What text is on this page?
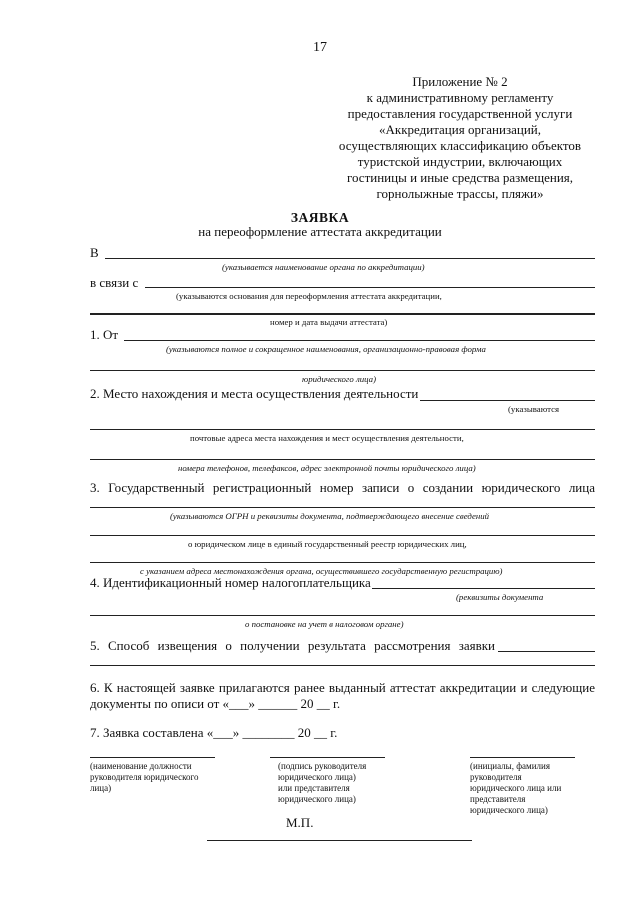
17
Приложение № 2
к административному регламенту
предоставления государственной услуги
«Аккредитация организаций,
осуществляющих классификацию объектов
туристской индустрии, включающих
гостиницы и иные средства размещения,
горнолыжные трассы, пляжи»
ЗАЯВКА
на переоформление аттестата аккредитации
В
(указывается наименование органа по аккредитации)
в связи с
(указываются основания для переоформления аттестата аккредитации,
номер и дата выдачи аттестата)
1. От
(указываются полное и сокращенное наименования, организационно-правовая форма
юридического лица)
2. Место нахождения и места осуществления деятельности
(указываются
почтовые адреса места нахождения и мест осуществления деятельности,
номера телефонов, телефаксов, адрес электронной почты юридического лица)
3. Государственный регистрационный номер записи о создании юридического лица
(указываются ОГРН и реквизиты документа, подтверждающего внесение сведений
о юридическом лице в единый государственный реестр юридических лиц,
с указанием адреса местонахождения органа, осуществившего государственную регистрацию)
4. Идентификационный номер налогоплательщика
(реквизиты документа
о постановке на учет в налоговом органе)
5. Способ извещения о получении результата рассмотрения заявки
6. К настоящей заявке прилагаются ранее выданный аттестат аккредитации и следующие
документы по описи от «___» ______ 20 __ г.
7. Заявка составлена «___» ________ 20 __ г.
(наименование должности
руководителя юридического
лица)
(подпись руководителя
юридического лица)
или представителя
юридического лица)
(инициалы, фамилия
руководителя
юридического лица или
представителя
юридического лица)
М.П.
